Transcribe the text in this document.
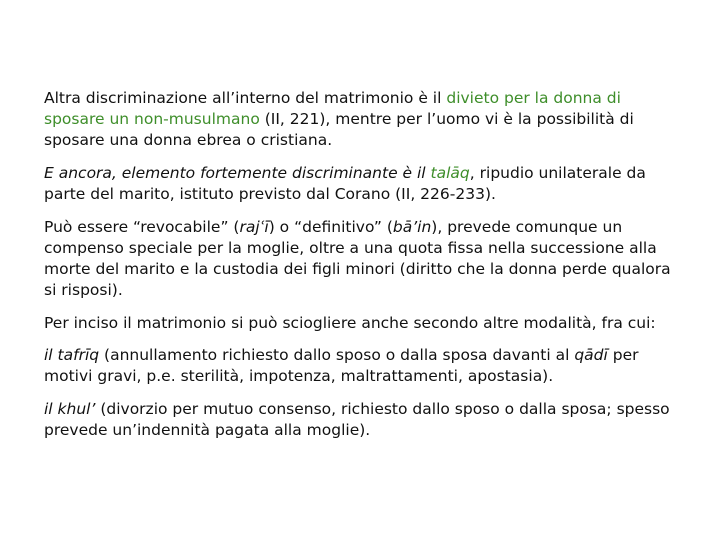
Altra discriminazione all’interno del matrimonio è il divieto per la donna di sposare un non-musulmano (II, 221), mentre per l’uomo vi è la possibilità di sposare una donna ebrea o cristiana.

E ancora, elemento fortemente discriminante è il talāq, ripudio unilaterale da parte del marito, istituto previsto dal Corano (II, 226-233).

Può essere “revocabile” (rajʿī) o “definitivo” (bā’in), prevede comunque un compenso speciale per la moglie, oltre a una quota fissa nella successione alla morte del marito e la custodia dei figli minori (diritto che la donna perde qualora si risposi).

Per inciso il matrimonio si può sciogliere anche secondo altre modalità, fra cui:

il tafrīq (annullamento richiesto dallo sposo o dalla sposa davanti al qādī per motivi gravi, p.e. sterilità, impotenza, maltrattamenti, apostasia).

il khul’ (divorzio per mutuo consenso, richiesto dallo sposo o dalla sposa; spesso prevede un’indennità pagata alla moglie).
